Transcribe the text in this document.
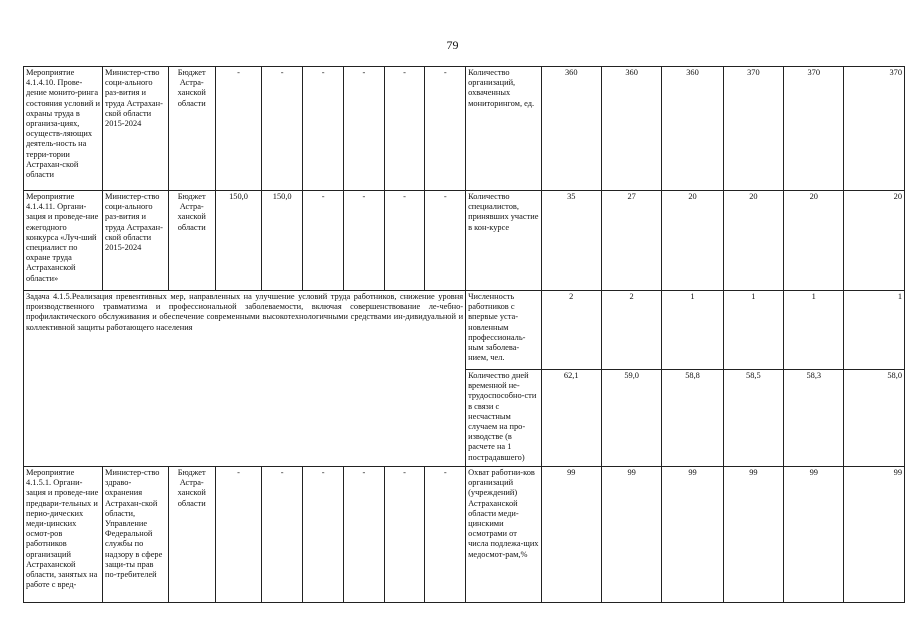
79
Мероприятие 4.1.4.10. Прове-дение монито-ринга состояния условий и охраны труда в организа-циях, осуществ-ляющих деятель-ность на терри-тории Астрахан-ской области	Министер-ство соци-ального раз-вития и труда Астрахан-ской области 2015-2024	Бюджет Астра-ханской области	-	-	-	-	-	-	Количество организаций, охваченных мониторингом, ед.	360	360	360	370	370	370
Мероприятие 4.1.4.11. Органи-зация и проведе-ние ежегодного конкурса «Луч-ший специалист по охране труда Астраханской области»	Министер-ство соци-ального раз-вития и труда Астрахан-ской области 2015-2024	Бюджет Астра-ханской области	150,0	150,0	-	-	-	-	Количество специалистов, принявших участие в кон-курсе	35	27	20	20	20	20
Задача 4.1.5.Реализация превентивных мер, направленных на улучшение условий труда работников, снижение уровня производственного травматизма и профессиональной заболеваемости, включая совершенствование ле-чебно-профилактического обслуживания и обеспечение современными высокотехнологичными средствами ин-дивидуальной и коллективной защиты работающего населения									Численность работников с впервые уста-новленным профессиональ-ным заболева-нием, чел.	2	2	1	1	1	1
									Количество дней временной не-трудоспособно-сти в связи с несчастным случаем на про-изводстве (в расчете на 1 пострадавшего)	62,1	59,0	58,8	58,5	58,3	58,0
Мероприятие 4.1.5.1. Органи-зация и проведе-ние предвари-тельных и перио-дических меди-цинских осмот-ров работников организаций Астраханской области, занятых на работе с вред-	Министер-ство здраво-охранения Астрахан-ской области, Управление Федеральной службы по надзору в сфере защи-ты прав по-требителей	Бюджет Астра-ханской области	-	-	-	-	-	-	Охват работни-ков организаций (учреждений) Астраханской области меди-цинскими осмотрами от числа подлежа-щих медосмот-рам,%	99	99	99	99	99	99
